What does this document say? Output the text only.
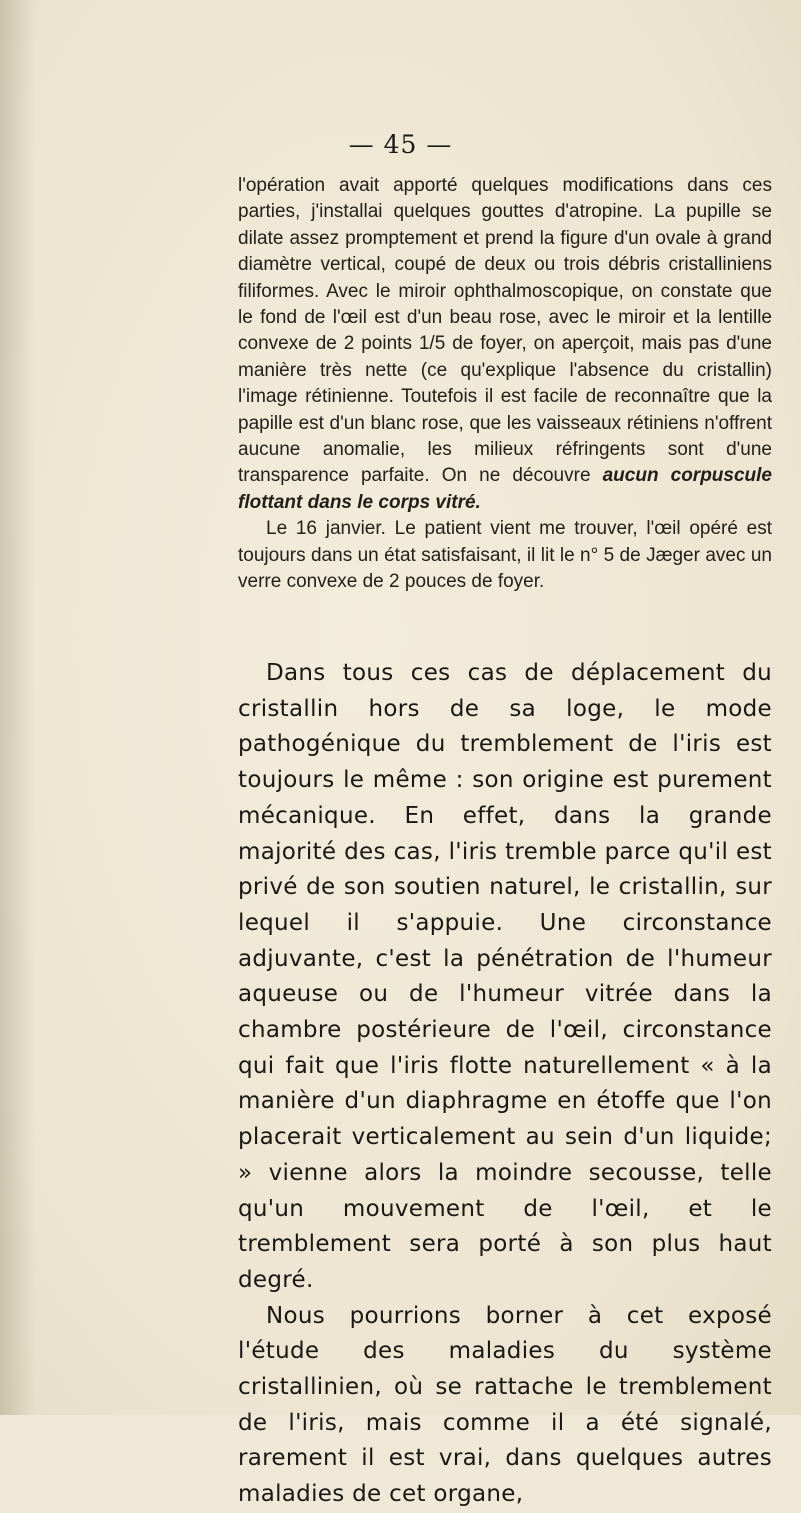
— 45 —

l'opération avait apporté quelques modifications dans ces parties, j'installai quelques gouttes d'atropine. La pupille se dilate assez promptement et prend la figure d'un ovale à grand diamètre vertical, coupé de deux ou trois débris cristalliniens filiformes. Avec le miroir ophthalmoscopique, on constate que le fond de l'œil est d'un beau rose, avec le miroir et la lentille convexe de 2 points 1/5 de foyer, on aperçoit, mais pas d'une manière très nette (ce qu'explique l'absence du cristallin) l'image rétinienne. Toutefois il est facile de reconnaître que la papille est d'un blanc rose, que les vaisseaux rétiniens n'offrent aucune anomalie, les milieux réfringents sont d'une transparence parfaite. On ne découvre aucun corpuscule flottant dans le corps vitré.

Le 16 janvier. Le patient vient me trouver, l'œil opéré est toujours dans un état satisfaisant, il lit le n° 5 de Jæger avec un verre convexe de 2 pouces de foyer.

Dans tous ces cas de déplacement du cristallin hors de sa loge, le mode pathogénique du tremblement de l'iris est toujours le même : son origine est purement mécanique. En effet, dans la grande majorité des cas, l'iris tremble parce qu'il est privé de son soutien naturel, le cristallin, sur lequel il s'appuie. Une circonstance adjuvante, c'est la pénétration de l'humeur aqueuse ou de l'humeur vitrée dans la chambre postérieure de l'œil, circonstance qui fait que l'iris flotte naturellement « à la manière d'un diaphragme en étoffe que l'on placerait verticalement au sein d'un liquide; » vienne alors la moindre secousse, telle qu'un mouvement de l'œil, et le tremblement sera porté à son plus haut degré.

Nous pourrions borner à cet exposé l'étude des maladies du système cristallinien, où se rattache le tremblement de l'iris, mais comme il a été signalé, rarement il est vrai, dans quelques autres maladies de cet organe,
